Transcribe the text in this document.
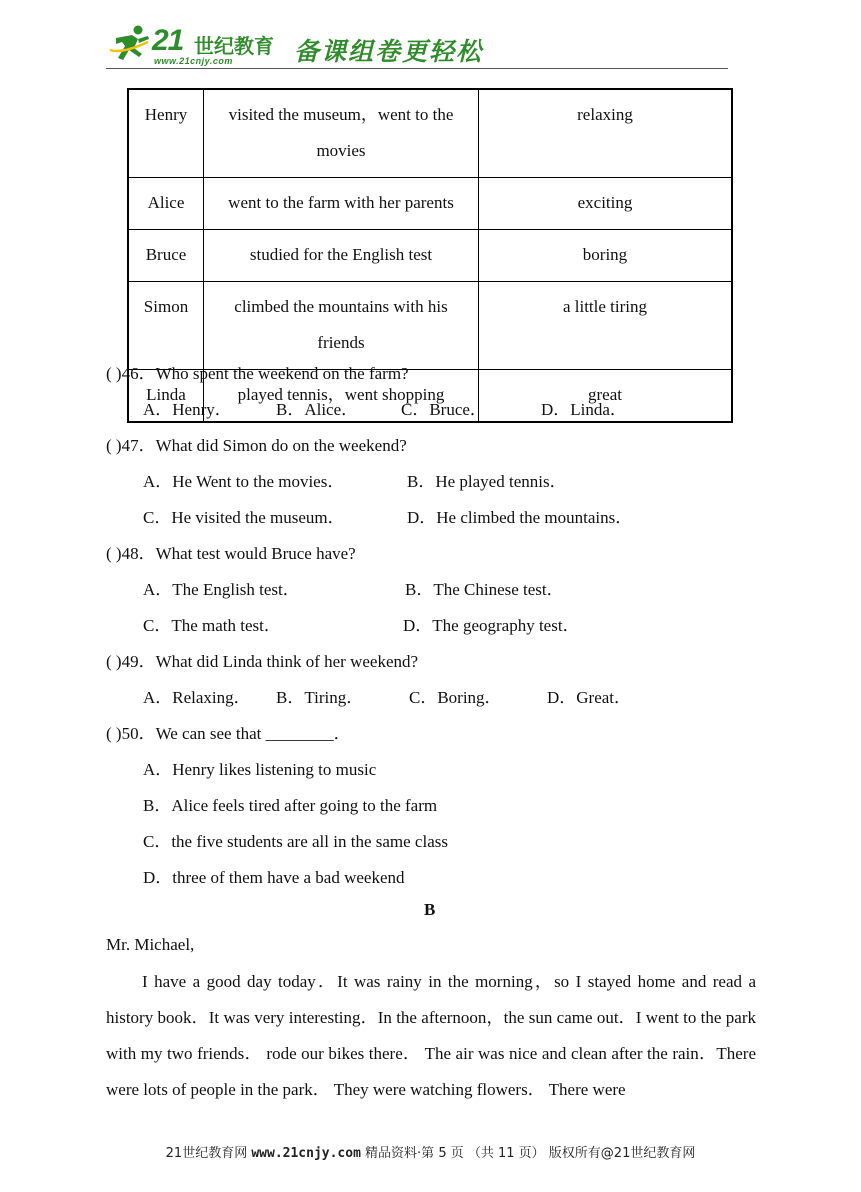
21 世纪教育
www.21cnjy.com 备课组卷更轻松
Henry	visited the museum，went to the movies	relaxing
Alice	went to the farm with her parents	exciting
Bruce	studied for the English test	boring
Simon	climbed the mountains with his friends	a little tiring
Linda	played tennis，went shopping	great
( )46．Who spent the weekend on the farm?
A．Henry．	B．Alice．	C．Bruce．	D．Linda．
( )47．What did Simon do on the weekend?
A．He Went to the movies．	B．He played tennis．
C．He visited the museum．	D．He climbed the mountains．
( )48．What test would Bruce have?
A．The English test．	B．The Chinese test．
C．The math test．	D．The geography test．
( )49．What did Linda think of her weekend?
A．Relaxing． B．Tiring．	C．Boring．	D．Great．
( )50．We can see that ________．
A．Henry likes listening to music
B．Alice feels tired after going to the farm
C．the five students are all in the same class
D．three of them have a bad weekend
B
Mr. Michael,
I have a good day today．It was rainy in the morning，so I stayed home and read a history book．It was very interesting．In the afternoon，the sun came out．I went to the park with my two friends． rode our bikes there． The air was nice and clean after the rain．There were lots of people in the park． They were watching flowers． There were
21世纪教育网 www.21cnjy.com 精品资料·第 5 页 （共 11 页） 版权所有@21世纪教育网
